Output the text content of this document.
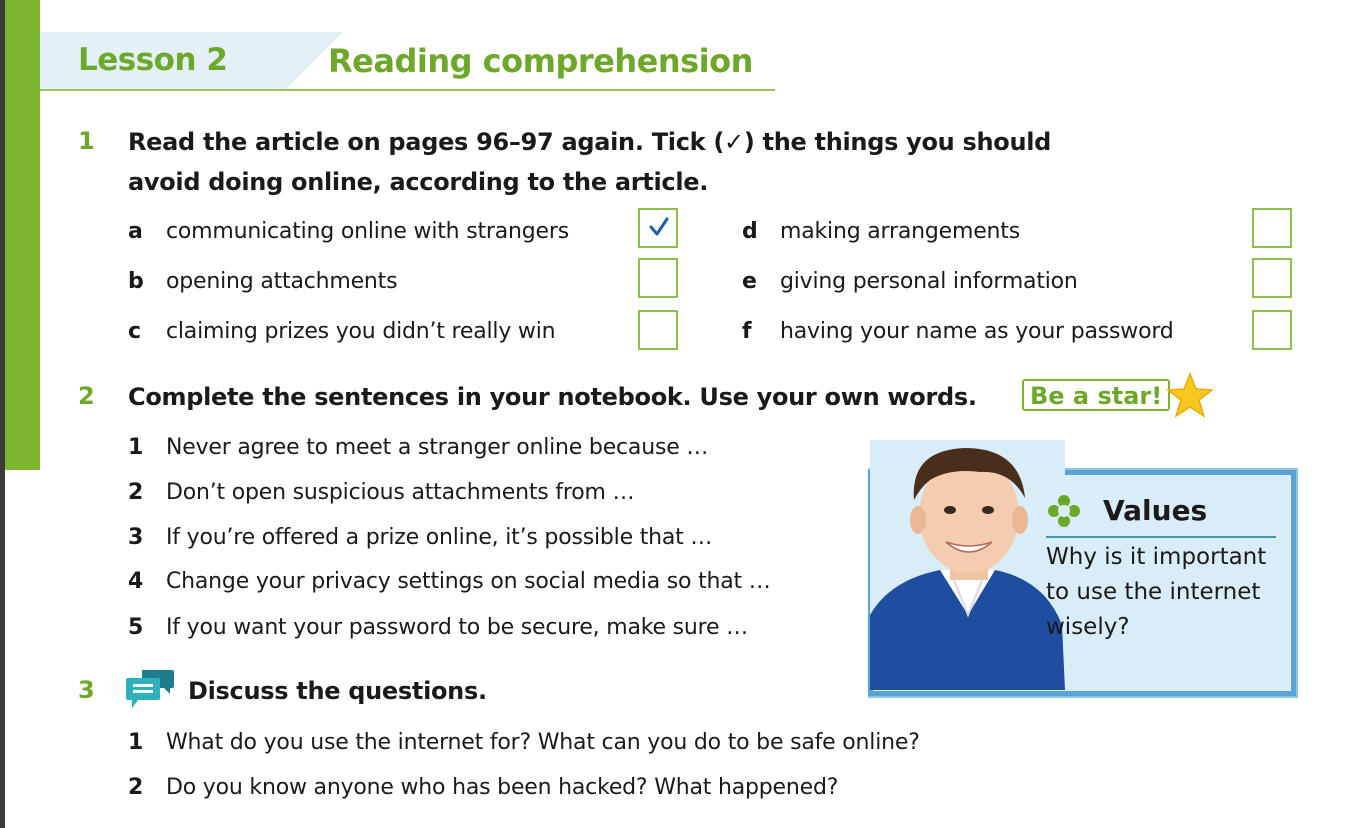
Lesson 2	Reading comprehension
1 Read the article on pages 96–97 again. Tick (✓) the things you should
avoid doing online, according to the article.
a communicating online with strangers
b opening attachments
c claiming prizes you didn’t really win
d making arrangements
e giving personal information
f having your name as your password
2 Complete the sentences in your notebook. Use your own words.	Be a star!
1 Never agree to meet a stranger online because …
2 Don’t open suspicious attachments from …
3 If you’re offered a prize online, it’s possible that …
4 Change your privacy settings on social media so that …
5 If you want your password to be secure, make sure …
Values
Why is it important
to use the internet
wisely?
3	Discuss the questions.
1 What do you use the internet for? What can you do to be safe online?
2 Do you know anyone who has been hacked? What happened?
